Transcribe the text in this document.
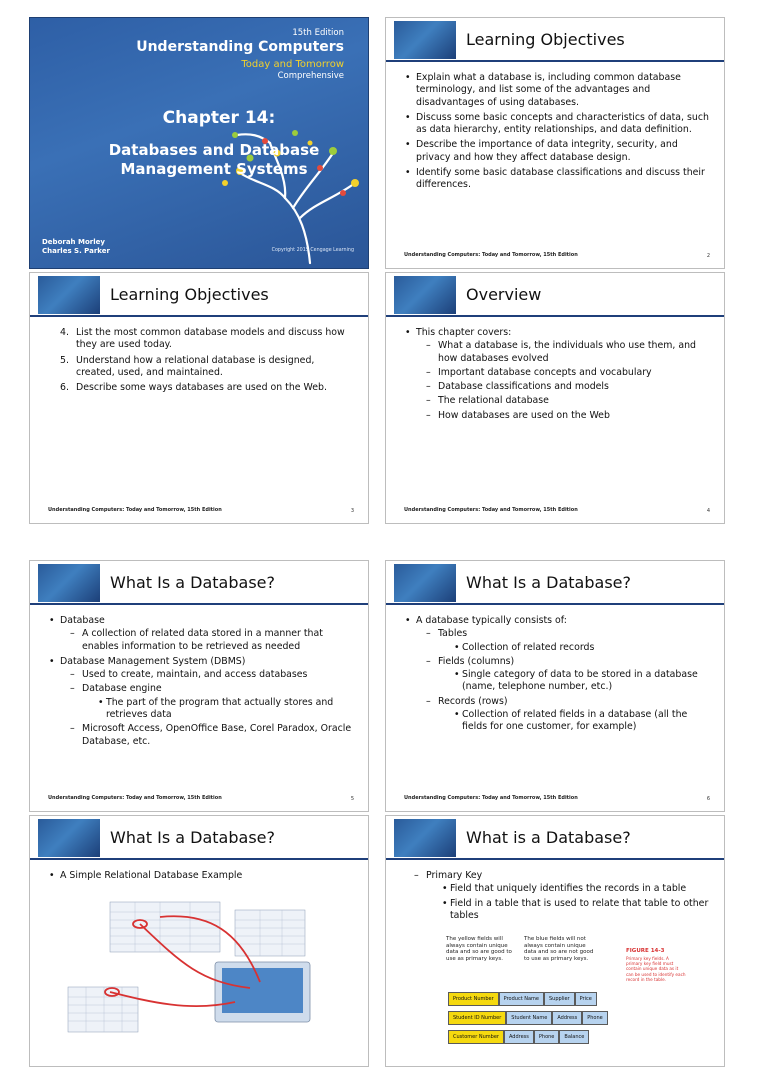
15th Edition
Understanding Computers
Today and Tomorrow
Comprehensive
Chapter 14:
Databases and Database
Management Systems
Deborah Morley
Charles S. Parker	Copyright 2015 Cengage Learning
Learning Objectives
• Explain what a database is, including common database terminology, and list some of the advantages and disadvantages of using databases.
• Discuss some basic concepts and characteristics of data, such as data hierarchy, entity relationships, and data definition.
• Describe the importance of data integrity, security, and privacy and how they affect database design.
• Identify some basic database classifications and discuss their differences.
Understanding Computers: Today and Tomorrow, 15th Edition	2
Learning Objectives
4. List the most common database models and discuss how they are used today.
5. Understand how a relational database is designed, created, used, and maintained.
6. Describe some ways databases are used on the Web.
Understanding Computers: Today and Tomorrow, 15th Edition	3
Overview
• This chapter covers:
– What a database is, the individuals who use them, and how databases evolved
– Important database concepts and vocabulary
– Database classifications and models
– The relational database
– How databases are used on the Web
Understanding Computers: Today and Tomorrow, 15th Edition	4
What Is a Database?
• Database
– A collection of related data stored in a manner that enables information to be retrieved as needed
• Database Management System (DBMS)
– Used to create, maintain, and access databases
– Database engine
• The part of the program that actually stores and retrieves data
– Microsoft Access, OpenOffice Base, Corel Paradox, Oracle Database, etc.
Understanding Computers: Today and Tomorrow, 15th Edition	5
What Is a Database?
• A database typically consists of:
– Tables
• Collection of related records
– Fields (columns)
• Single category of data to be stored in a database (name, telephone number, etc.)
– Records (rows)
• Collection of related fields in a database (all the fields for one customer, for example)
Understanding Computers: Today and Tomorrow, 15th Edition	6
What Is a Database?
• A Simple Relational Database Example
What is a Database?
– Primary Key
• Field that uniquely identifies the records in a table
• Field in a table that is used to relate that table to other tables
The yellow fields will always contain unique data and so are good to use as primary keys.
The blue fields will not always contain unique data and so are not good to use as primary keys.
FIGURE 14-3
Primary key fields. A primary key field must contain unique data as it can be used to identify each record in the table.
Product Number	Product Name	Supplier	Price
Student ID Number	Student Name	Address	Phone
Customer Number	Address	Phone	Balance
